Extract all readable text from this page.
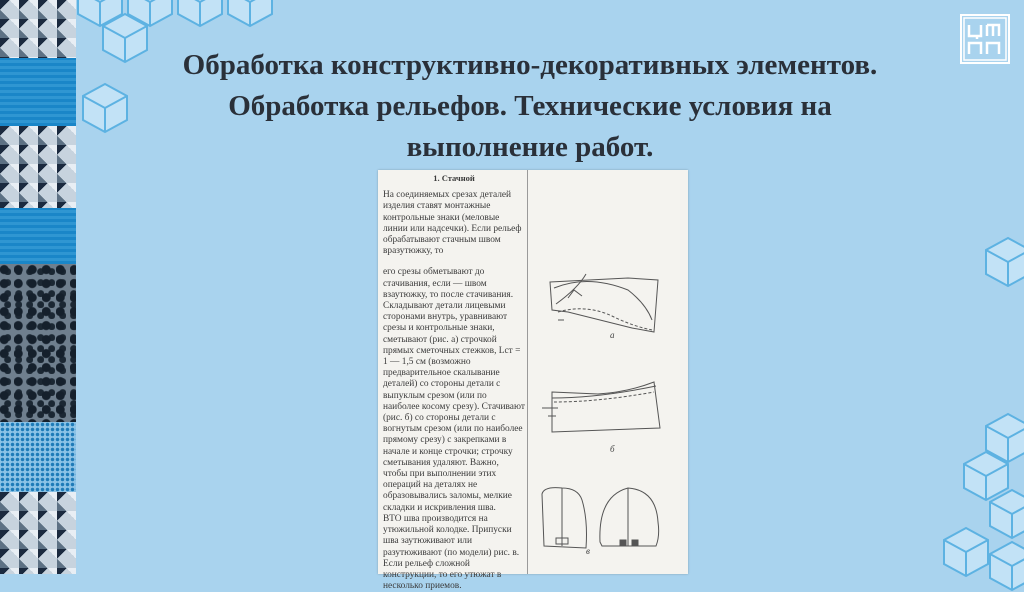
Обработка конструктивно-декоративных элементов.
Обработка рельефов. Технические условия на
выполнение работ.

1. Стачной

На соединяемых срезах деталей изделия ставят монтажные контрольные знаки (меловые линии или надсечки). Если рельеф обрабатывают стачным швом вразутюжку, то

его срезы обметывают до стачивания, если — швом взаутюжку, то после стачивания. Складывают детали лицевыми сторонами внутрь, уравнивают срезы и контрольные знаки, сметывают (рис. а) строчкой прямых сметочных стежков, Lст = 1 — 1,5 см (возможно предварительное скалывание деталей) со стороны детали с выпуклым срезом (или по наиболее косому срезу). Стачивают (рис. б) со стороны детали с вогнутым срезом (или по наиболее прямому срезу) с закрепками в начале и конце строчки; строчку сметывания удаляют. Важно, чтобы при выполнении этих операций на деталях не образовывались заломы, мелкие складки и искривления шва.

ВТО шва производится на утюжильной колодке. Припуски шва заутюживают или разутюживают (по модели) рис. в. Если рельеф сложной конструкции, то его утюжат в несколько приемов.

а
б
в
